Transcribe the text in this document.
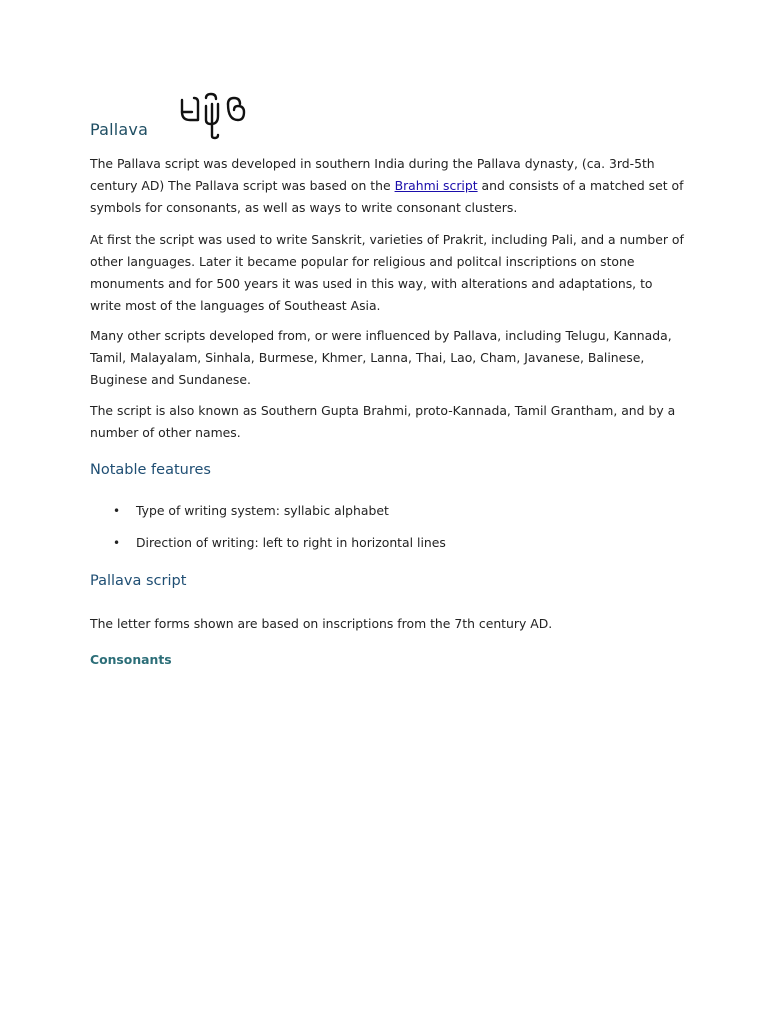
Pallava

The Pallava script was developed in southern India during the Pallava dynasty, (ca. 3rd-5th century AD) The Pallava script was based on the Brahmi script and consists of a matched set of symbols for consonants, as well as ways to write consonant clusters.

At first the script was used to write Sanskrit, varieties of Prakrit, including Pali, and a number of other languages. Later it became popular for religious and politcal inscriptions on stone monuments and for 500 years it was used in this way, with alterations and adaptations, to write most of the languages of Southeast Asia.

Many other scripts developed from, or were influenced by Pallava, including Telugu, Kannada, Tamil, Malayalam, Sinhala, Burmese, Khmer, Lanna, Thai, Lao, Cham, Javanese, Balinese, Buginese and Sundanese.

The script is also known as Southern Gupta Brahmi, proto-Kannada, Tamil Grantham, and by a number of other names.

Notable features
• Type of writing system: syllabic alphabet
• Direction of writing: left to right in horizontal lines
Pallava script

The letter forms shown are based on inscriptions from the 7th century AD.

Consonants
